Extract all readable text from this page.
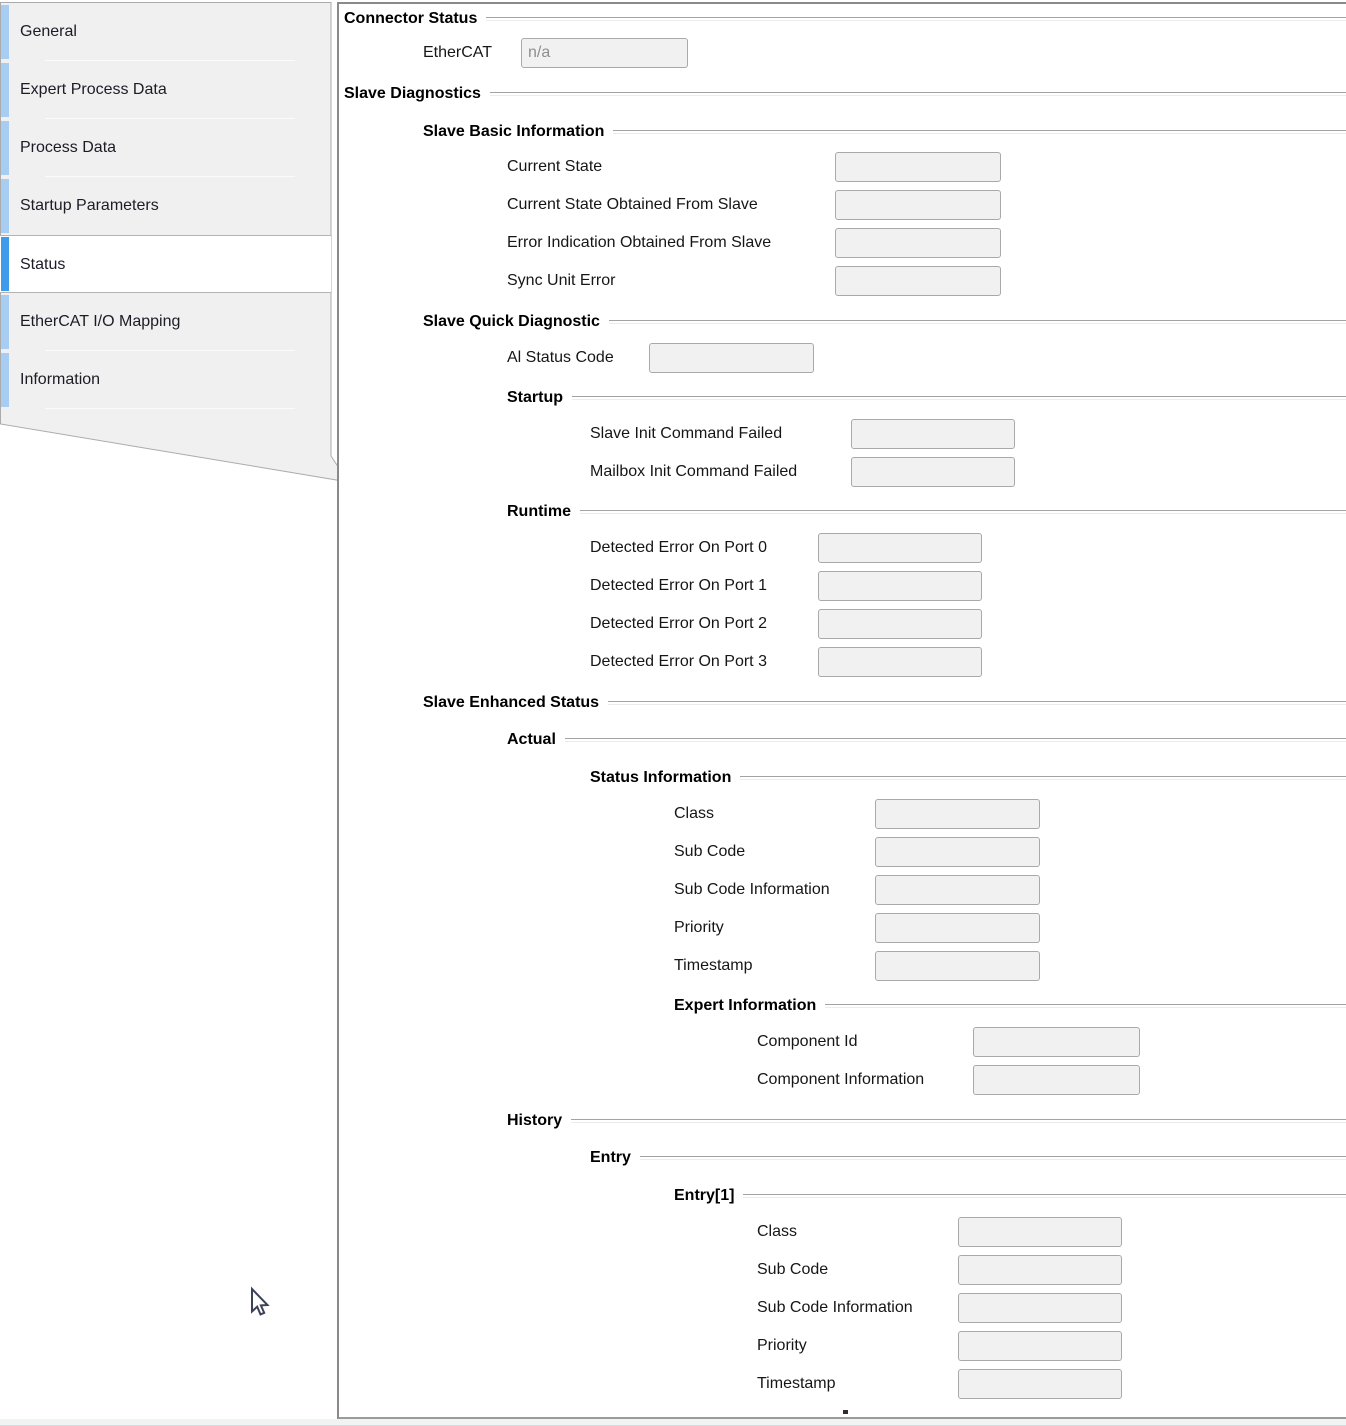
General
Expert Process Data
Process Data
Startup Parameters
Status
EtherCAT I/O Mapping
Information
Connector Status
EtherCAT
n/a
Slave Diagnostics
Slave Basic Information
Current State
Current State Obtained From Slave
Error Indication Obtained From Slave
Sync Unit Error
Slave Quick Diagnostic
Al Status Code
Startup
Slave Init Command Failed
Mailbox Init Command Failed
Runtime
Detected Error On Port 0
Detected Error On Port 1
Detected Error On Port 2
Detected Error On Port 3
Slave Enhanced Status
Actual
Status Information
Class
Sub Code
Sub Code Information
Priority
Timestamp
Expert Information
Component Id
Component Information
History
Entry
Entry[1]
Class
Sub Code
Sub Code Information
Priority
Timestamp
